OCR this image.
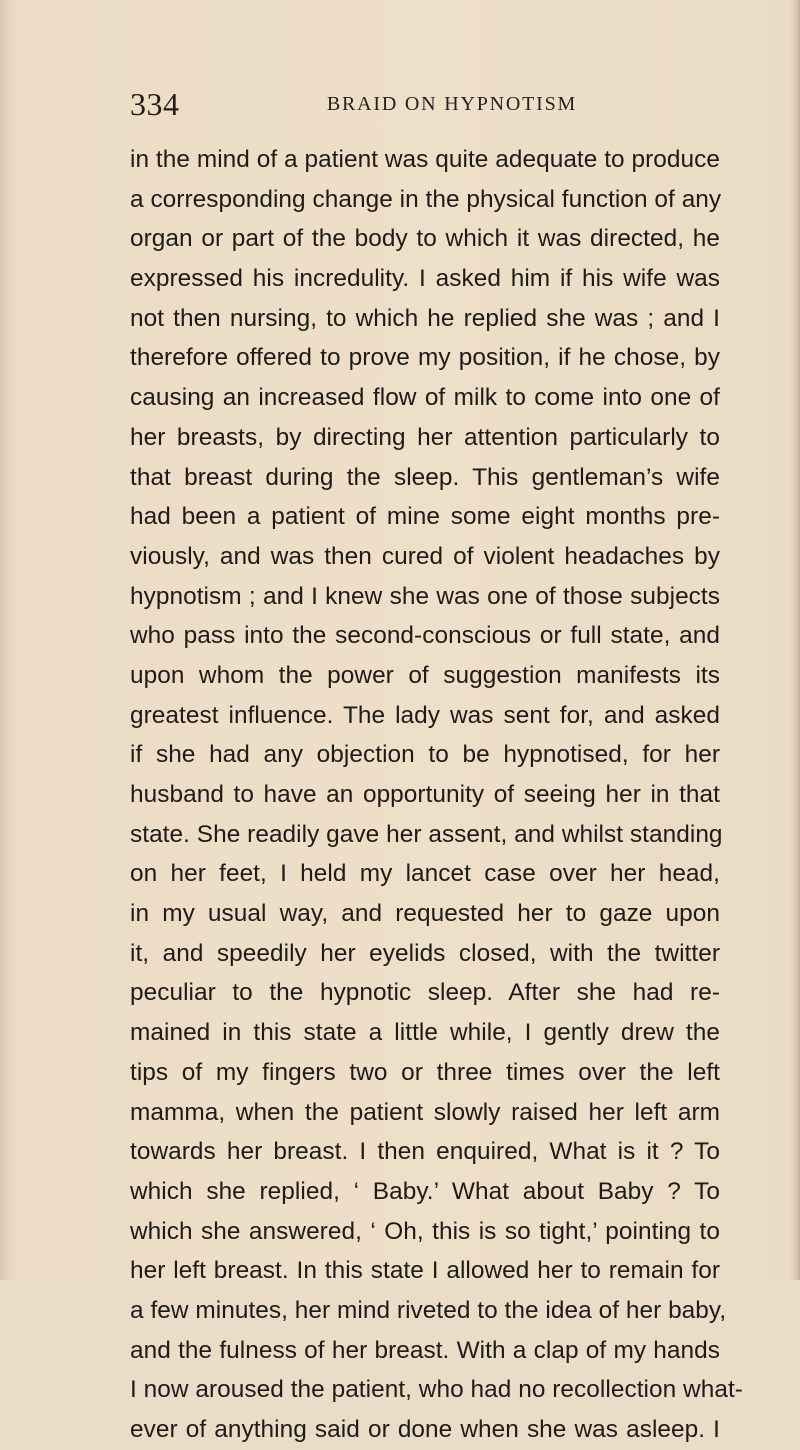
334	BRAID ON HYPNOTISM
in the mind of a patient was quite adequate to produce
a corresponding change in the physical function of any
organ or part of the body to which it was directed, he
expressed his incredulity. I asked him if his wife was
not then nursing, to which he replied she was ; and I
therefore offered to prove my position, if he chose, by
causing an increased flow of milk to come into one of
her breasts, by directing her attention particularly to
that breast during the sleep. This gentleman’s wife
had been a patient of mine some eight months pre-
viously, and was then cured of violent headaches by
hypnotism ; and I knew she was one of those subjects
who pass into the second-conscious or full state, and
upon whom the power of suggestion manifests its
greatest influence. The lady was sent for, and asked
if she had any objection to be hypnotised, for her
husband to have an opportunity of seeing her in that
state. She readily gave her assent, and whilst standing
on her feet, I held my lancet case over her head,
in my usual way, and requested her to gaze upon
it, and speedily her eyelids closed, with the twitter
peculiar to the hypnotic sleep. After she had re-
mained in this state a little while, I gently drew the
tips of my fingers two or three times over the left
mamma, when the patient slowly raised her left arm
towards her breast. I then enquired, What is it ? To
which she replied, ‘ Baby.’ What about Baby ? To
which she answered, ‘ Oh, this is so tight,’ pointing to
her left breast. In this state I allowed her to remain for
a few minutes, her mind riveted to the idea of her baby,
and the fulness of her breast. With a clap of my hands
I now aroused the patient, who had no recollection what-
ever of anything said or done when she was asleep. I
